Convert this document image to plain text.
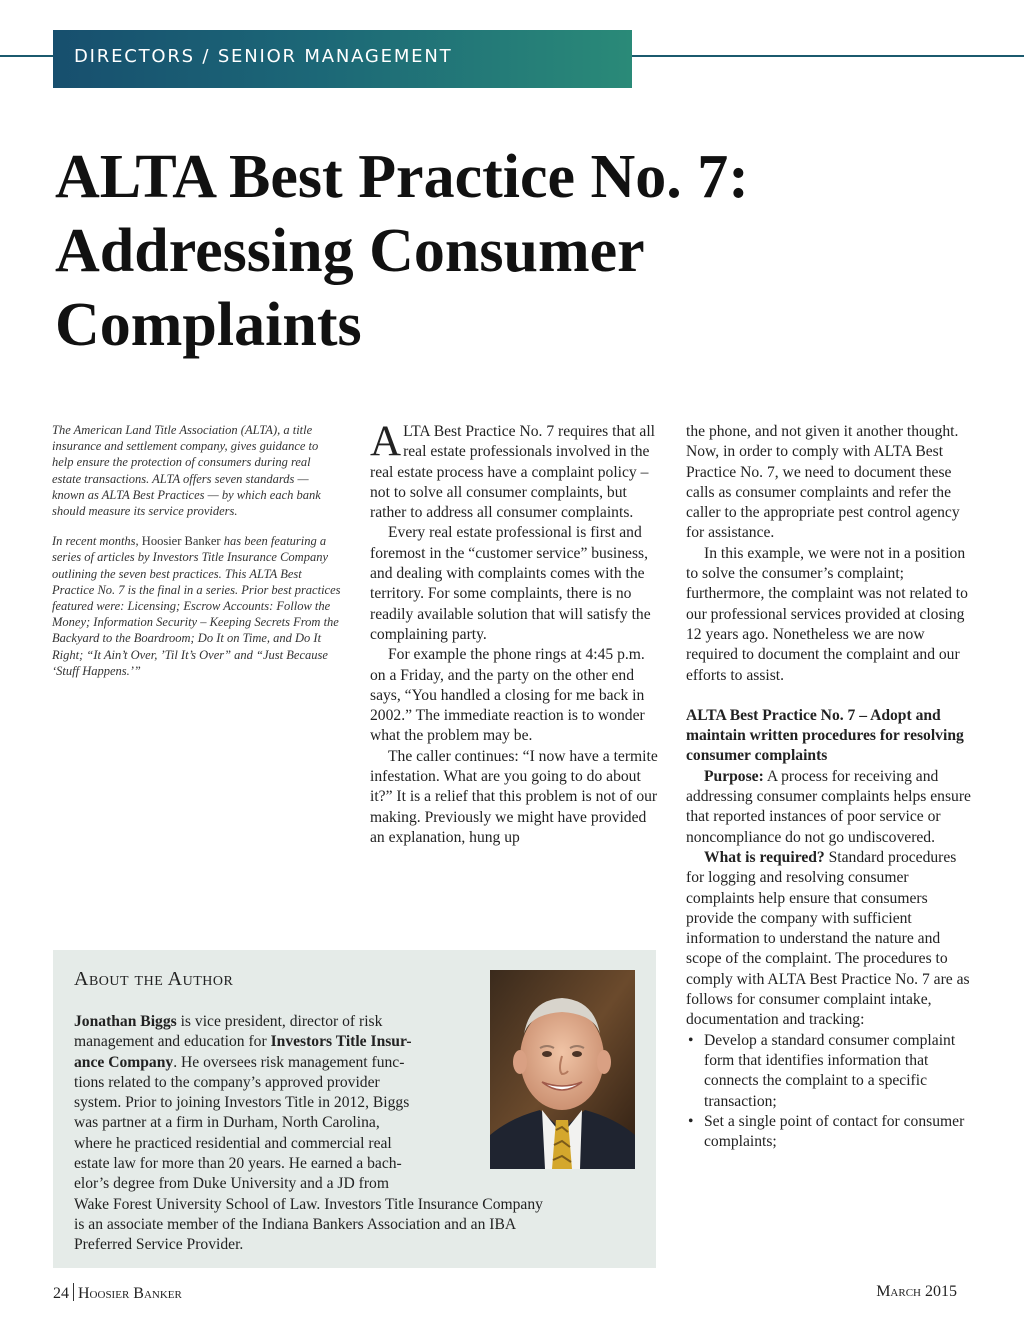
DIRECTORS / SENIOR MANAGEMENT
ALTA Best Practice No. 7:
Addressing Consumer
Complaints

The American Land Title Association (ALTA), a title insurance and settlement company, gives guidance to help ensure the protection of consumers during real estate transactions. ALTA offers seven standards — known as ALTA Best Practices — by which each bank should measure its service providers.

In recent months, Hoosier Banker has been featuring a series of articles by Investors Title Insurance Company outlining the seven best practices. This ALTA Best Practice No. 7 is the final in a series. Prior best practices featured were: Licensing; Escrow Accounts: Follow the Money; Information Security – Keeping Secrets From the Backyard to the Boardroom; Do It on Time, and Do It Right; “It Ain’t Over, ’Til It’s Over” and “Just Because ‘Stuff Happens.’”

ALTA Best Practice No. 7 requires that all real estate professionals involved in the real estate process have a complaint policy – not to solve all consumer complaints, but rather to address all consumer complaints.

Every real estate professional is first and foremost in the “customer service” business, and dealing with complaints comes with the territory. For some complaints, there is no readily available solution that will satisfy the complaining party.

For example the phone rings at 4:45 p.m. on a Friday, and the party on the other end says, “You handled a closing for me back in 2002.” The immediate reaction is to wonder what the problem may be.

The caller continues: “I now have a termite infestation. What are you going to do about it?” It is a relief that this problem is not of our making. Previously we might have provided an explanation, hung up

the phone, and not given it another thought. Now, in order to comply with ALTA Best Practice No. 7, we need to document these calls as consumer complaints and refer the caller to the appropriate pest control agency for assistance.

In this example, we were not in a position to solve the consumer’s complaint; furthermore, the complaint was not related to our professional services provided at closing 12 years ago. Nonetheless we are now required to document the complaint and our efforts to assist.

ALTA Best Practice No. 7 – Adopt and maintain written procedures for resolving consumer complaints

Purpose: A process for receiving and addressing consumer complaints helps ensure that reported instances of poor service or noncompliance do not go undiscovered.

What is required? Standard procedures for logging and resolving consumer complaints help ensure that consumers provide the company with sufficient information to understand the nature and scope of the complaint. The procedures to comply with ALTA Best Practice No. 7 are as follows for consumer complaint intake, documentation and tracking:

• Develop a standard consumer complaint form that identifies information that connects the complaint to a specific transaction;
• Set a single point of contact for consumer complaints;
About the Author
Jonathan Biggs is vice president, director of risk
management and education for Investors Title Insur-
ance Company. He oversees risk management func-
tions related to the company’s approved provider
system. Prior to joining Investors Title in 2012, Biggs
was partner at a firm in Durham, North Carolina,
where he practiced residential and commercial real
estate law for more than 20 years. He earned a bach-
elor’s degree from Duke University and a JD from
Wake Forest University School of Law. Investors Title Insurance Company
is an associate member of the Indiana Bankers Association and an IBA
Preferred Service Provider.
24 Hoosier Banker	March 2015
